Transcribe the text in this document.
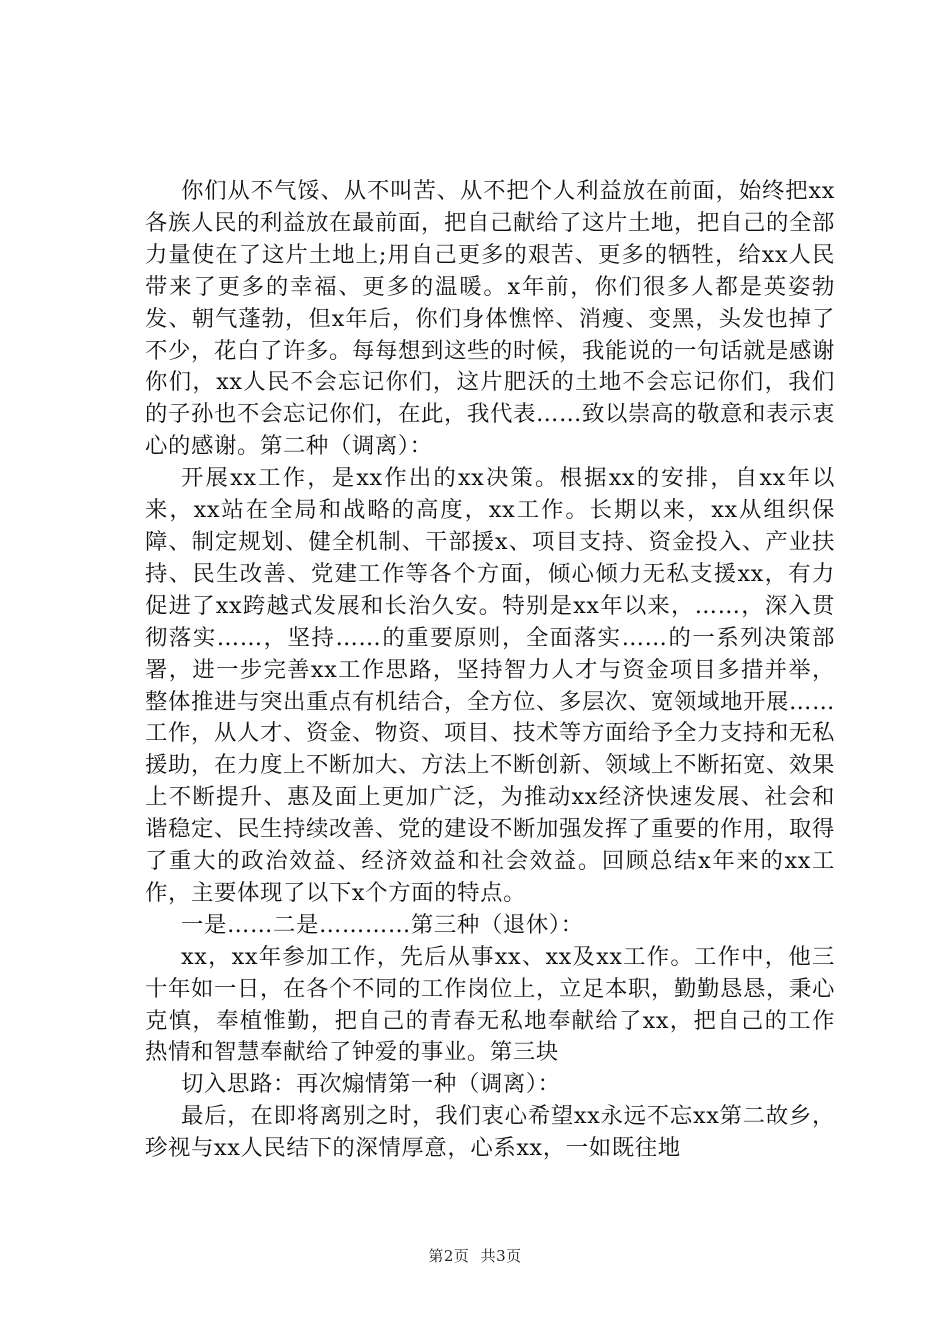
你们从不气馁、从不叫苦、从不把个人利益放在前面，始终把xx各族人民的利益放在最前面，把自己献给了这片土地，把自己的全部力量使在了这片土地上;用自己更多的艰苦、更多的牺牲，给xx人民带来了更多的幸福、更多的温暖。x年前，你们很多人都是英姿勃发、朝气蓬勃，但x年后，你们身体憔悴、消瘦、变黑，头发也掉了不少，花白了许多。每每想到这些的时候，我能说的一句话就是感谢你们，xx人民不会忘记你们，这片肥沃的土地不会忘记你们，我们的子孙也不会忘记你们，在此，我代表……致以崇高的敬意和表示衷心的感谢。第二种（调离）：

开展xx工作，是xx作出的xx决策。根据xx的安排，自xx年以来，xx站在全局和战略的高度，xx工作。长期以来，xx从组织保障、制定规划、健全机制、干部援x、项目支持、资金投入、产业扶持、民生改善、党建工作等各个方面，倾心倾力无私支援xx，有力促进了xx跨越式发展和长治久安。特别是xx年以来，……，深入贯彻落实……，坚持……的重要原则，全面落实……的一系列决策部署，进一步完善xx工作思路，坚持智力人才与资金项目多措并举，整体推进与突出重点有机结合，全方位、多层次、宽领域地开展……工作，从人才、资金、物资、项目、技术等方面给予全力支持和无私援助，在力度上不断加大、方法上不断创新、领域上不断拓宽、效果上不断提升、惠及面上更加广泛，为推动xx经济快速发展、社会和谐稳定、民生持续改善、党的建设不断加强发挥了重要的作用，取得了重大的政治效益、经济效益和社会效益。回顾总结x年来的xx工作，主要体现了以下x个方面的特点。

一是……二是…………第三种（退休）：

xx，xx年参加工作，先后从事xx、xx及xx工作。工作中，他三十年如一日，在各个不同的工作岗位上，立足本职，勤勤恳恳，秉心克慎，奉植惟勤，把自己的青春无私地奉献给了xx，把自己的工作热情和智慧奉献给了钟爱的事业。第三块

切入思路：再次煽情第一种（调离）：

最后，在即将离别之时，我们衷心希望xx永远不忘xx第二故乡，珍视与xx人民结下的深情厚意，心系xx，一如既往地

第2页 共3页
